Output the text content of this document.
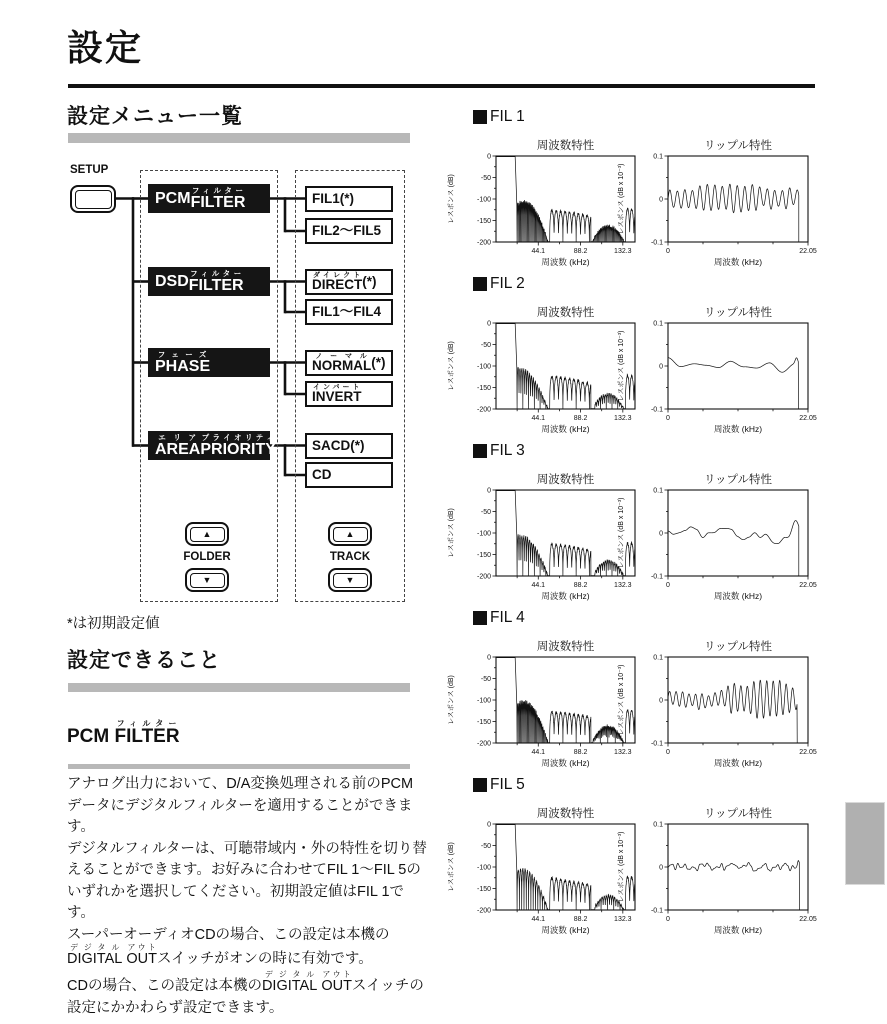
設定
設定メニュー一覧
SETUP
PCM FILTERフィルター
FIL1(*)
FIL2～FIL5
DSD FILTERフィルター
DIRECTダイレクト (*)
FIL1～FIL4
PHASEフェーズ
NORMALノーマル (*)
INVERTインバート
AREAエリア
PRIORITYプライオリティ
SACD(*)
CD
▲
FOLDER
▼
▲
TRACK
▼
*は初期設定値
設定できること
PCM FILTERフィルター

アナログ出力において、D/A変換処理される前のPCMデータにデジタルフィルターを適用することができます。

デジタルフィルターは、可聴帯域内・外の特性を切り替えることができます。お好みに合わせてFIL 1～FIL 5のいずれかを選択してください。初期設定値はFIL 1です。

スーパーオーディオCDの場合、この設定は本機のDIGITALデジタル OUTアウトスイッチがオンの時に有効です。

CDの場合、この設定は本機のDIGITALデジタル OUTアウトスイッチの設定にかかわらず設定できます。

FIL 1
周波数特性
0
-50
-100
-150
-200
44.1	88.2	132.3
周波数 (kHz)
レスポンス (dB)
リップル特性
0.1
0
-0.1
0	22.05
周波数 (kHz)
レスポンス (dB x 10⁻³)
FIL 2
周波数特性
0
-50
-100
-150
-200
44.1	88.2	132.3
周波数 (kHz)
レスポンス (dB)
リップル特性
0.1
0
-0.1
0	22.05
周波数 (kHz)
レスポンス (dB x 10⁻³)
FIL 3
周波数特性
0
-50
-100
-150
-200
44.1	88.2	132.3
周波数 (kHz)
レスポンス (dB)
リップル特性
0.1
0
-0.1
0	22.05
周波数 (kHz)
レスポンス (dB x 10⁻³)
FIL 4
周波数特性
0
-50
-100
-150
-200
44.1	88.2	132.3
周波数 (kHz)
レスポンス (dB)
リップル特性
0.1
0
-0.1
0	22.05
周波数 (kHz)
レスポンス (dB x 10⁻³)
FIL 5
周波数特性
0
-50
-100
-150
-200
44.1	88.2	132.3
周波数 (kHz)
レスポンス (dB)
リップル特性
0.1
0
-0.1
0	22.05
周波数 (kHz)
レスポンス (dB x 10⁻³)
